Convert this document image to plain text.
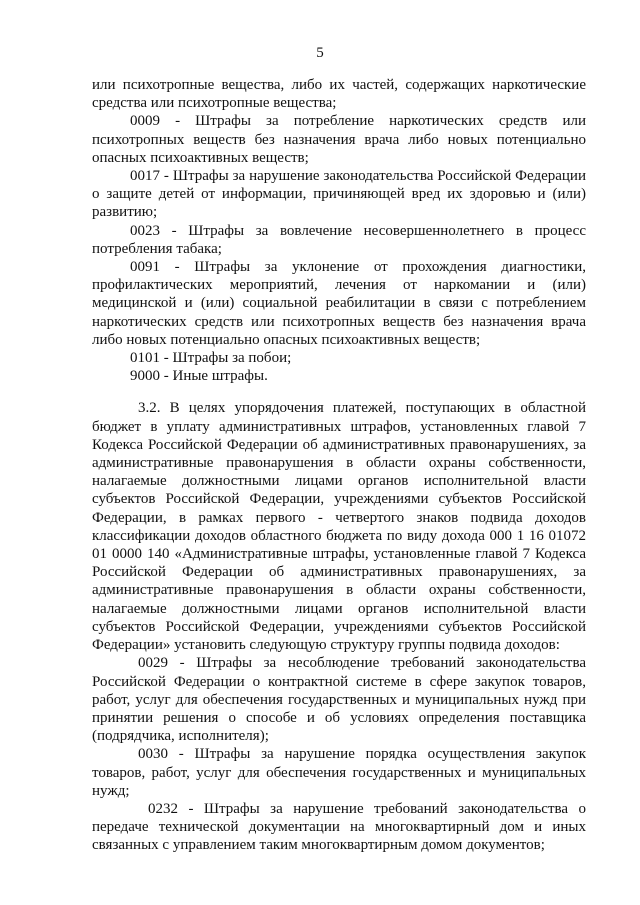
5

или психотропные вещества, либо их частей, содержащих наркотические средства или психотропные вещества;

0009 - Штрафы за потребление наркотических средств или психотропных веществ без назначения врача либо новых потенциально опасных психоактивных веществ;

0017 - Штрафы за нарушение законодательства Российской Федерации о защите детей от информации, причиняющей вред их здоровью и (или) развитию;

0023 - Штрафы за вовлечение несовершеннолетнего в процесс потребления табака;

0091 - Штрафы за уклонение от прохождения диагностики, профилактических мероприятий, лечения от наркомании и (или) медицинской и (или) социальной реабилитации в связи с потреблением наркотических средств или психотропных веществ без назначения врача либо новых потенциально опасных психоактивных веществ;

0101 - Штрафы за побои;

9000 - Иные штрафы.

3.2. В целях упорядочения платежей, поступающих в областной бюджет в уплату административных штрафов, установленных главой 7 Кодекса Российской Федерации об административных правонарушениях, за административные правонарушения в области охраны собственности, налагаемые должностными лицами органов исполнительной власти субъектов Российской Федерации, учреждениями субъектов Российской Федерации, в рамках первого - четвертого знаков подвида доходов классификации доходов областного бюджета по виду дохода 000 1 16 01072 01 0000 140 «Административные штрафы, установленные главой 7 Кодекса Российской Федерации об административных правонарушениях, за административные правонарушения в области охраны собственности, налагаемые должностными лицами органов исполнительной власти субъектов Российской Федерации, учреждениями субъектов Российской Федерации» установить следующую структуру группы подвида доходов:

0029 - Штрафы за несоблюдение требований законодательства Российской Федерации о контрактной системе в сфере закупок товаров, работ, услуг для обеспечения государственных и муниципальных нужд при принятии решения о способе и об условиях определения поставщика (подрядчика, исполнителя);

0030 - Штрафы за нарушение порядка осуществления закупок товаров, работ, услуг для обеспечения государственных и муниципальных нужд;

0232 - Штрафы за нарушение требований законодательства о передаче технической документации на многоквартирный дом и иных связанных с управлением таким многоквартирным домом документов;
